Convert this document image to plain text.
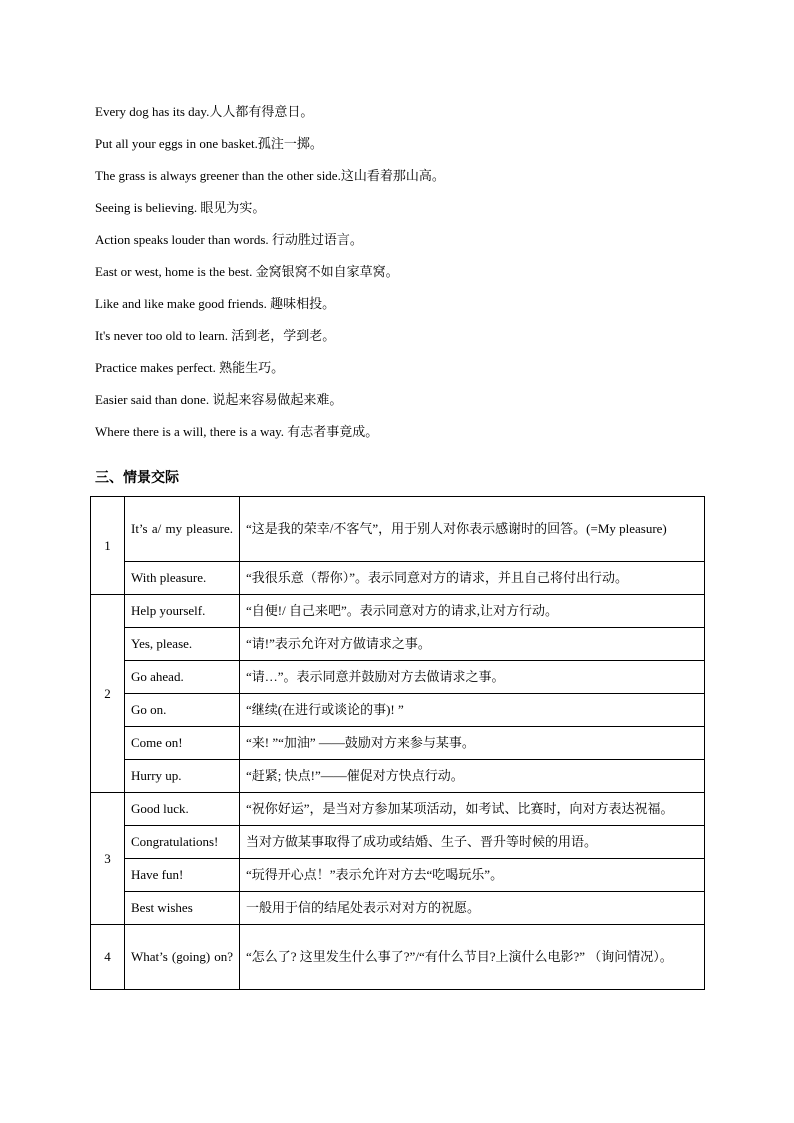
Every dog has its day.人人都有得意日。
Put all your eggs in one basket.孤注一掷。
The grass is always greener than the other side.这山看着那山高。
Seeing is believing. 眼见为实。
Action speaks louder than words. 行动胜过语言。
East or west, home is the best. 金窝银窝不如自家草窝。
Like and like make good friends. 趣味相投。
It's never too old to learn. 活到老，学到老。
Practice makes perfect. 熟能生巧。
Easier said than done. 说起来容易做起来难。
Where there is a will, there is a way. 有志者事竟成。
三、情景交际
1	It’s a/ my pleasure.	“这是我的荣幸/不客气”，用于别人对你表示感谢时的回答。(=My pleasure)
	With pleasure.	“我很乐意（帮你）”。表示同意对方的请求，并且自己将付出行动。
2	Help yourself.	“自便!/ 自己来吧”。表示同意对方的请求,让对方行动。
	Yes, please.	“请!”表示允许对方做请求之事。
	Go ahead.	“请…”。表示同意并鼓励对方去做请求之事。
	Go on.	“继续(在进行或谈论的事)! ”
	Come on!	“来! ”“加油” ——鼓励对方来参与某事。
	Hurry up.	“赶紧; 快点!”——催促对方快点行动。
3	Good luck.	“祝你好运”，是当对方参加某项活动，如考试、比赛时，向对方表达祝福。
	Congratulations!	当对方做某事取得了成功或结婚、生子、晋升等时候的用语。
	Have fun!	“玩得开心点！”表示允许对方去“吃喝玩乐”。
	Best wishes	一般用于信的结尾处表示对对方的祝愿。
4	What’s (going) on?	“怎么了? 这里发生什么事了?”/“有什么节目?上演什么电影?” （询问情况）。
